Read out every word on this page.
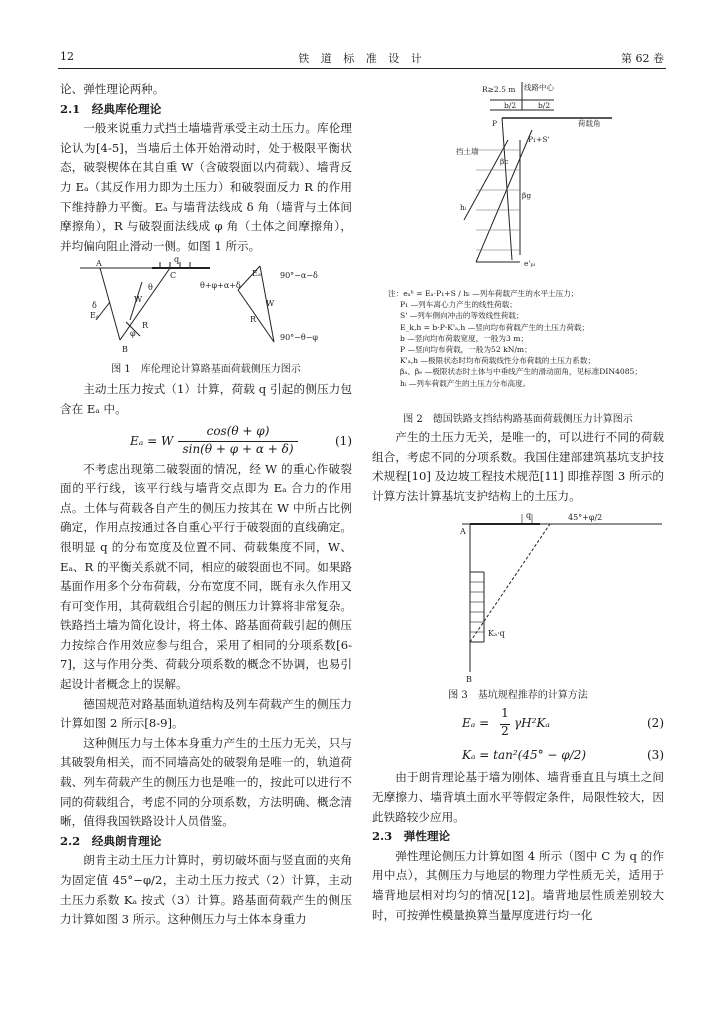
12	铁 道 标 准 设 计	第 62 卷

论、弹性理论两种。

2.1　经典库伦理论

一般来说重力式挡土墙墙背承受主动土压力。库伦理论认为[4-5]，当墙后土体开始滑动时，处于极限平衡状态，破裂楔体在其自重 W（含破裂面以内荷载）、墙背反力 Eₐ（其反作用力即为土压力）和破裂面反力 R 的作用下维持静力平衡。Eₐ 与墙背法线成 δ 角（墙背与土体间摩擦角），R 与破裂面法线成 φ 角（土体之间摩擦角），并均偏向阻止滑动一侧。如图 1 所示。

A
B
C
q
W
R
Eₐ
θ
δ
φ
θ+φ+α+δ
90°−α−δ
90°−θ−φ
W
R
Eₐ
图 1　库伦理论计算路基面荷载侧压力图示

主动土压力按式（1）计算，荷载 q 引起的侧压力包含在 Eₐ 中。

Eₐ = W
cos(θ + φ)
sin(θ + φ + α + δ)
(1)

不考虑出现第二破裂面的情况，经 W 的重心作破裂面的平行线，该平行线与墙背交点即为 Eₐ 合力的作用点。土体与荷载各自产生的侧压力按其在 W 中所占比例确定，作用点按通过各自重心平行于破裂面的直线确定。很明显 q 的分布宽度及位置不同、荷载集度不同，W、Eₐ、R 的平衡关系就不同，相应的破裂面也不同。如果路基面作用多个分布荷载，分布宽度不同，既有永久作用又有可变作用，其荷载组合引起的侧压力计算将非常复杂。铁路挡土墙为简化设计，将土体、路基面荷载引起的侧压力按综合作用效应参与组合，采用了相同的分项系数[6-7]，这与作用分类、荷载分项系数的概念不协调，也易引起设计者概念上的误解。

德国规范对路基面轨道结构及列车荷载产生的侧压力计算如图 2 所示[8-9]。

这种侧压力与土体本身重力产生的土压力无关，只与其破裂角相关，而不同墙高处的破裂角是唯一的，轨道荷载、列车荷载产生的侧压力也是唯一的，按此可以进行不同的荷载组合，考虑不同的分项系数，方法明确、概念清晰，值得我国铁路设计人员借鉴。

2.2　经典朗肯理论

朗肯主动土压力计算时，剪切破坏面与竖直面的夹角为固定值 45°−φ/2，主动土压力按式（2）计算，主动土压力系数 Kₐ 按式（3）计算。路基面荷载产生的侧压力计算如图 3 所示。这种侧压力与土体本身重力

R≥2.5 m 线路中心
b/2	b/2
P	荷载角
挡土墙
P₁+S'
hᵢ
βc
βg
e'ₚᵢ
注：eₐʰ = Eₐ⋅P₁+S / hᵢ —列车荷载产生的水平土压力；
P₁ —列车离心力产生的线性荷载；
S' —列车侧向冲击的等效线性荷载；
E_k,h = b·P·K'ₐ,h —竖向均布荷载产生的土压力荷载；
b —竖向均布荷载宽度，一般为3 m；
P —竖向均布荷载，一般为52 kN/m；
K'ₐ,h —极限状态时均布荷载线性分布荷载的土压力系数；
βₐ、βₑ —极限状态时土体与中垂线产生的滑动面角，见标准DIN4085；
hᵢ —列车荷载产生的土压力分布高度。
图 2　德国铁路支挡结构路基面荷载侧压力计算图示

产生的土压力无关，是唯一的，可以进行不同的荷载组合，考虑不同的分项系数。我国住建部建筑基坑支护技术规程[10] 及边坡工程技术规范[11] 即推荐图 3 所示的计算方法计算基坑支护结构上的土压力。

q	45°+φ/2
A
B
Kₐ·q
图 3　基坑规程推荐的计算方法
Eₐ =
1
2
γH²Kₐ	(2)
Kₐ = tan²(45° − φ/2)	(3)

由于朗肯理论基于墙为刚体、墙背垂直且与填土之间无摩擦力、墙背填土面水平等假定条件，局限性较大，因此铁路较少应用。

2.3　弹性理论

弹性理论侧压力计算如图 4 所示（图中 C 为 q 的作用中点），其侧压力与地层的物理力学性质无关，适用于墙背地层相对均匀的情况[12]。墙背地层性质差别较大时，可按弹性模量换算当量厚度进行均一化
